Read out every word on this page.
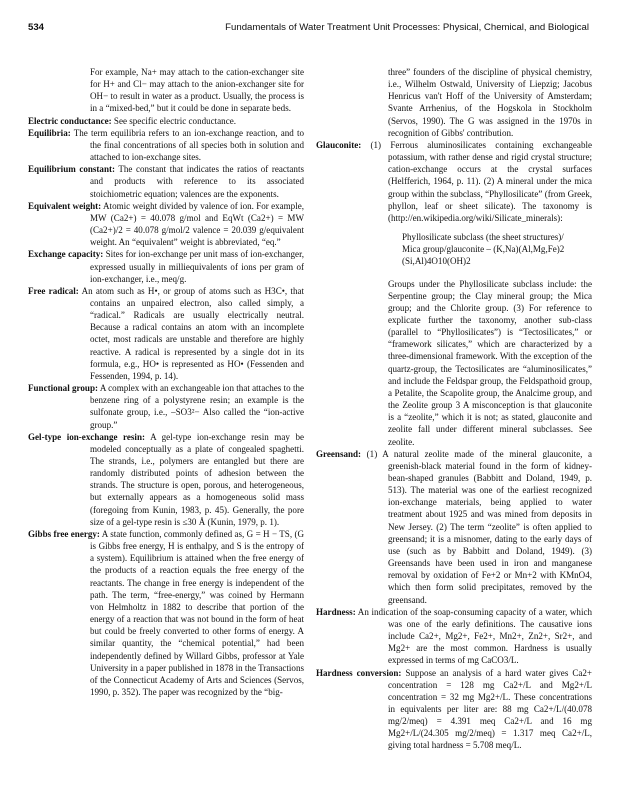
534	Fundamentals of Water Treatment Unit Processes: Physical, Chemical, and Biological

For example, Na+ may attach to the cation-exchanger site for H+ and Cl− may attach to the anion-exchanger site for OH− to result in water as a product. Usually, the process is in a “mixed-bed,” but it could be done in separate beds.

Electric conductance: See specific electric conductance.

Equilibria: The term equilibria refers to an ion-exchange reaction, and to the final concentrations of all species both in solution and attached to ion-exchange sites.

Equilibrium constant: The constant that indicates the ratios of reactants and products with reference to its associated stoichiometric equation; valences are the exponents.

Equivalent weight: Atomic weight divided by valence of ion. For example, MW (Ca2+) = 40.078 g/mol and EqWt (Ca2+) = MW (Ca2+)/2 = 40.078 g/mol/2 valence = 20.039 g/equivalent weight. An “equivalent” weight is abbreviated, “eq.”

Exchange capacity: Sites for ion-exchange per unit mass of ion-exchanger, expressed usually in milliequivalents of ions per gram of ion-exchanger, i.e., meq/g.

Free radical: An atom such as H•, or group of atoms such as H3C•, that contains an unpaired electron, also called simply, a “radical.” Radicals are usually electrically neutral. Because a radical contains an atom with an incomplete octet, most radicals are unstable and therefore are highly reactive. A radical is represented by a single dot in its formula, e.g., HO• is represented as HO• (Fessenden and Fessenden, 1994, p. 14).

Functional group: A complex with an exchangeable ion that attaches to the benzene ring of a polystyrene resin; an example is the sulfonate group, i.e., –SO3²− Also called the “ion-active group.”

Gel-type ion-exchange resin: A gel-type ion-exchange resin may be modeled conceptually as a plate of congealed spaghetti. The strands, i.e., polymers are entangled but there are randomly distributed points of adhesion between the strands. The structure is open, porous, and heterogeneous, but externally appears as a homogeneous solid mass (foregoing from Kunin, 1983, p. 45). Generally, the pore size of a gel-type resin is ≤30 Å (Kunin, 1979, p. 1).

Gibbs free energy: A state function, commonly defined as, G = H − TS, (G is Gibbs free energy, H is enthalpy, and S is the entropy of a system). Equilibrium is attained when the free energy of the products of a reaction equals the free energy of the reactants. The change in free energy is independent of the path. The term, “free-energy,” was coined by Hermann von Helmholtz in 1882 to describe that portion of the energy of a reaction that was not bound in the form of heat but could be freely converted to other forms of energy. A similar quantity, the “chemical potential,” had been independently defined by Willard Gibbs, professor at Yale University in a paper published in 1878 in the Transactions of the Connecticut Academy of Arts and Sciences (Servos, 1990, p. 352). The paper was recognized by the “big-

three” founders of the discipline of physical chemistry, i.e., Wilhelm Ostwald, University of Liepzig; Jacobus Henricus van't Hoff of the University of Amsterdam; Svante Arrhenius, of the Hogskola in Stockholm (Servos, 1990). The G was assigned in the 1970s in recognition of Gibbs' contribution.

Glauconite: (1) Ferrous aluminosilicates containing exchangeable potassium, with rather dense and rigid crystal structure; cation-exchange occurs at the crystal surfaces (Helfferich, 1964, p. 11). (2) A mineral under the mica group within the subclass, “Phyllosilicate” (from Greek, phyllon, leaf or sheet silicate). The taxonomy is (http://en.wikipedia.org/wiki/Silicate_minerals):

Phyllosilicate subclass (the sheet structures)/
Mica group/glauconite – (K,Na)(Al,Mg,Fe)2
(Si,Al)4O10(OH)2

Groups under the Phyllosilicate subclass include: the Serpentine group; the Clay mineral group; the Mica group; and the Chlorite group. (3) For reference to explicate further the taxonomy, another sub-class (parallel to “Phyllosilicates”) is “Tectosilicates,” or “framework silicates,” which are characterized by a three-dimensional framework. With the exception of the quartz-group, the Tectosilicates are “aluminosilicates,” and include the Feldspar group, the Feldspathoid group, a Petalite, the Scapolite group, the Analcime group, and the Zeolite group 3 A misconception is that glauconite is a “zeolite,” which it is not; as stated, glauconite and zeolite fall under different mineral subclasses. See zeolite.

Greensand: (1) A natural zeolite made of the mineral glauconite, a greenish-black material found in the form of kidney-bean-shaped granules (Babbitt and Doland, 1949, p. 513). The material was one of the earliest recognized ion-exchange materials, being applied to water treatment about 1925 and was mined from deposits in New Jersey. (2) The term “zeolite” is often applied to greensand; it is a misnomer, dating to the early days of use (such as by Babbitt and Doland, 1949). (3) Greensands have been used in iron and manganese removal by oxidation of Fe+2 or Mn+2 with KMnO4, which then form solid precipitates, removed by the greensand.

Hardness: An indication of the soap-consuming capacity of a water, which was one of the early definitions. The causative ions include Ca2+, Mg2+, Fe2+, Mn2+, Zn2+, Sr2+, and Mg2+ are the most common. Hardness is usually expressed in terms of mg CaCO3/L.

Hardness conversion: Suppose an analysis of a hard water gives Ca2+ concentration = 128 mg Ca2+/L and Mg2+/L concentration = 32 mg Mg2+/L. These concentrations in equivalents per liter are: 88 mg Ca2+/L/(40.078 mg/2/meq) = 4.391 meq Ca2+/L and 16 mg Mg2+/L/(24.305 mg/2/meq) = 1.317 meq Ca2+/L, giving total hardness = 5.708 meq/L.
